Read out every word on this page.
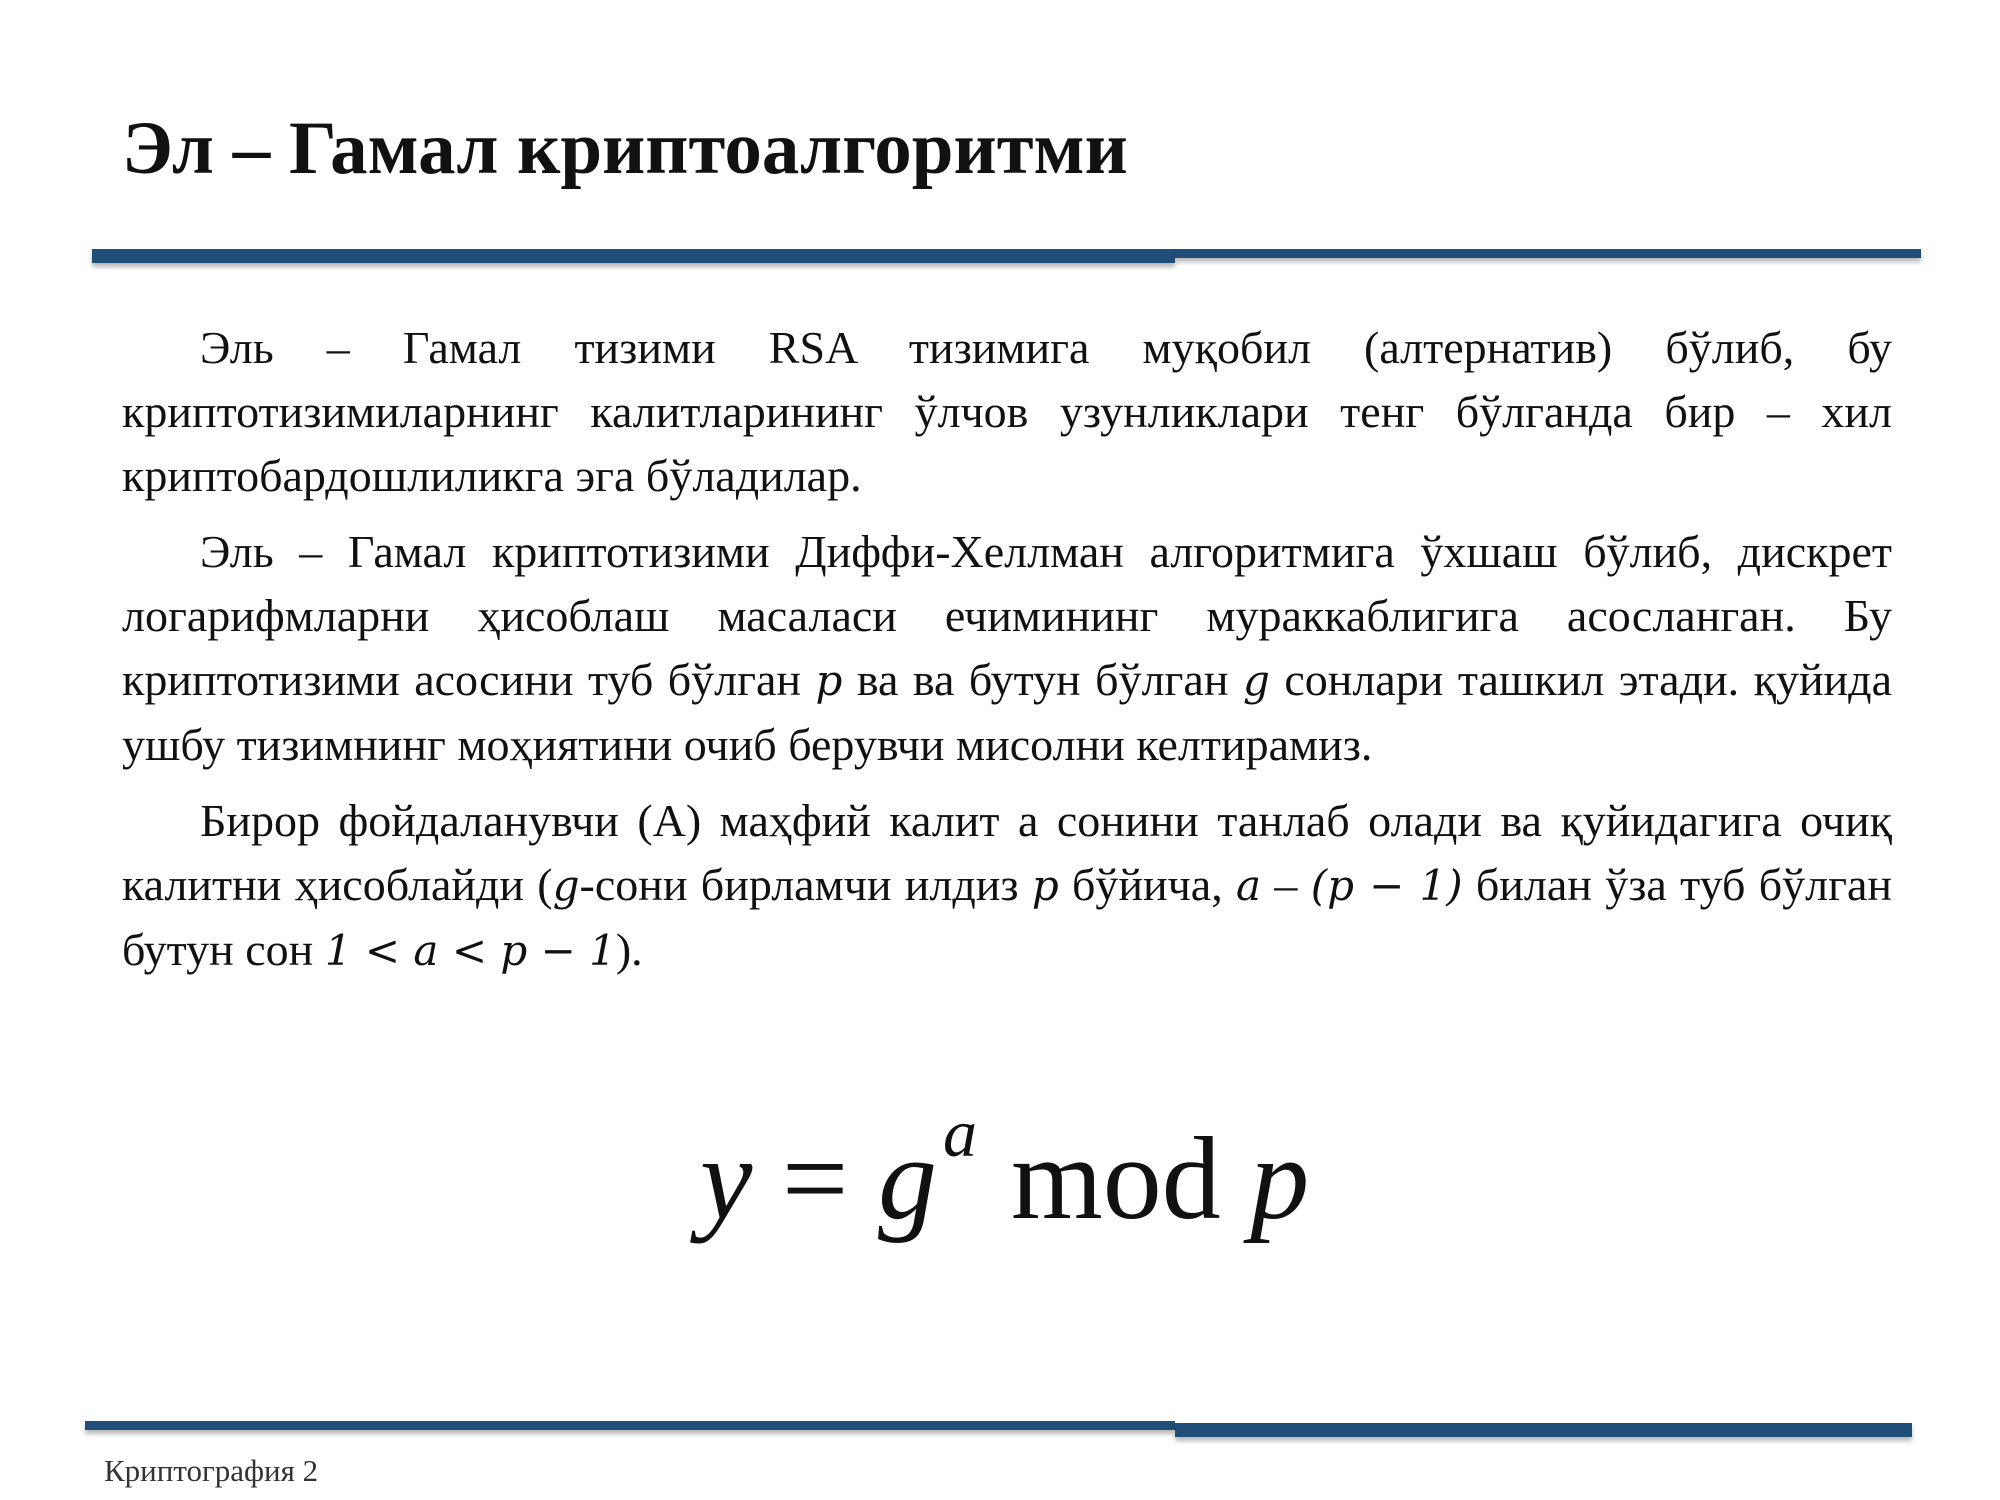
Эл – Гамал криптоалгоритми

Эль – Гамал тизими RSA тизимига муқобил (алтернатив) бўлиб, бу криптотизимиларнинг калитларининг ўлчов узунликлари тенг бўлганда бир – хил криптобардошлиликга эга бўладилар.

Эль – Гамал криптотизими Диффи-Хеллман алгоритмига ўхшаш бўлиб, дискрет логарифмларни ҳисоблаш масаласи ечимининг мураккаблигига асосланган. Бу криптотизими асосини туб бўлган p ва ва бутун бўлган g сонлари ташкил этади. қуйида ушбу тизимнинг моҳиятини очиб берувчи мисолни келтирамиз.

Бирор фойдаланувчи (А) маҳфий калит а сонини танлаб олади ва қуйидагига очиқ калитни ҳисоблайди (g-сони бирламчи илдиз p бўйича, a – (p − 1) билан ўза туб бўлган бутун сон 1 < a < p − 1).

$y = g^a$ mod p
Криптография 2
